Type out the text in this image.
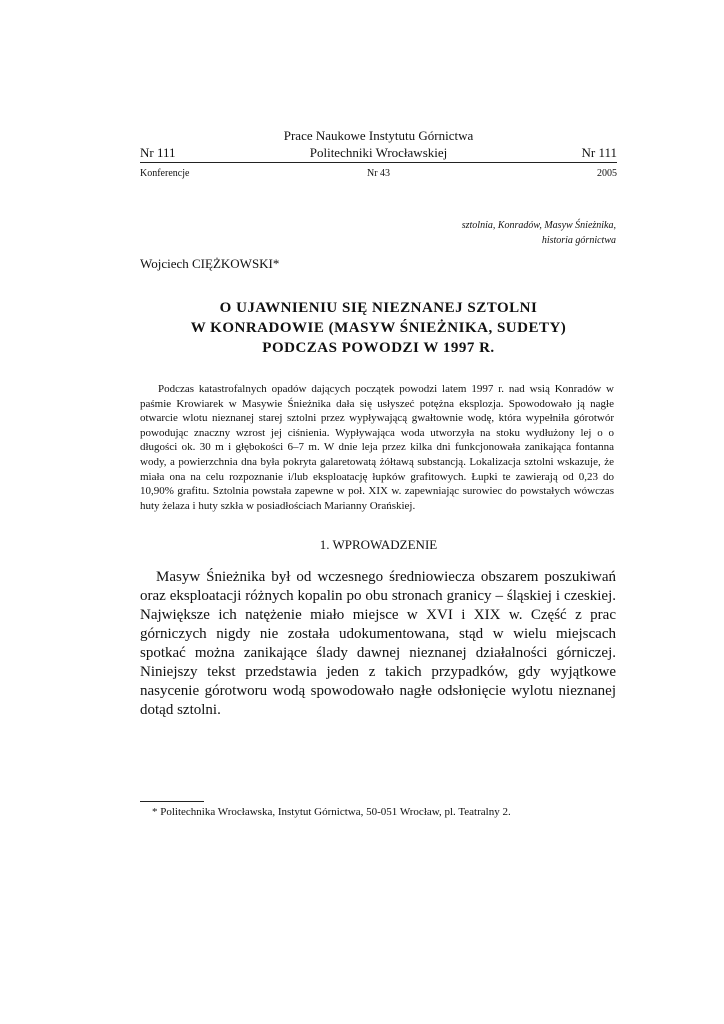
Prace Naukowe Instytutu Górnictwa
Nr 111	Politechniki Wrocławskiej	Nr 111
Konferencje	Nr 43	2005
sztolnia, Konradów, Masyw Śnieżnika,
historia górnictwa
Wojciech CIĘŻKOWSKI*
O UJAWNIENIU SIĘ NIEZNANEJ SZTOLNI
W KONRADOWIE (MASYW ŚNIEŻNIKA, SUDETY)
PODCZAS POWODZI W 1997 R.

Podczas katastrofalnych opadów dających początek powodzi latem 1997 r. nad wsią Konradów w paśmie Krowiarek w Masywie Śnieżnika dała się usłyszeć potężna eksplozja. Spowodowało ją nagłe otwarcie wlotu nieznanej starej sztolni przez wypływającą gwałtownie wodę, która wypełniła górotwór powodując znaczny wzrost jej ciśnienia. Wypływająca woda utworzyła na stoku wydłużony lej o o długości ok. 30 m i głębokości 6–7 m. W dnie leja przez kilka dni funkcjonowała zanikająca fontanna wody, a powierzchnia dna była pokryta galaretowatą żółtawą substancją. Lokalizacja sztolni wskazuje, że miała ona na celu rozpoznanie i/lub eksploatację łupków grafitowych. Łupki te zawierają od 0,23 do 10,90% grafitu. Sztolnia powstała zapewne w poł. XIX w. zapewniając surowiec do powstałych wówczas huty żelaza i huty szkła w posiadłościach Marianny Orańskiej.

1. WPROWADZENIE

Masyw Śnieżnika był od wczesnego średniowiecza obszarem poszukiwań oraz eksploatacji różnych kopalin po obu stronach granicy – śląskiej i czeskiej. Największe ich natężenie miało miejsce w XVI i XIX w. Część z prac górniczych nigdy nie została udokumentowana, stąd w wielu miejscach spotkać można zanikające ślady dawnej nieznanej działalności górniczej. Niniejszy tekst przedstawia jeden z takich przypadków, gdy wyjątkowe nasycenie górotworu wodą spowodowało nagłe odsłonięcie wylotu nieznanej dotąd sztolni.

* Politechnika Wrocławska, Instytut Górnictwa, 50-051 Wrocław, pl. Teatralny 2.
